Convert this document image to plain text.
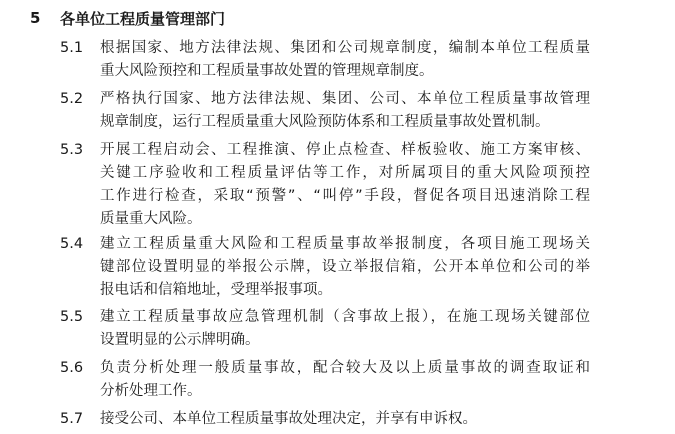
5	各单位工程质量管理部门
5.1	根据国家、地方法律法规、集团和公司规章制度，编制本单位工程质量
重大风险预控和工程质量事故处置的管理规章制度。
5.2	严格执行国家、地方法律法规、集团、公司、本单位工程质量事故管理
规章制度，运行工程质量重大风险预防体系和工程质量事故处置机制。
5.3	开展工程启动会、工程推演、停止点检查、样板验收、施工方案审核、
关键工序验收和工程质量评估等工作，对所属项目的重大风险项预控
工作进行检查，采取“预警”、“叫停”手段，督促各项目迅速消除工程
质量重大风险。
5.4	建立工程质量重大风险和工程质量事故举报制度，各项目施工现场关
键部位设置明显的举报公示牌，设立举报信箱，公开本单位和公司的举
报电话和信箱地址，受理举报事项。
5.5	建立工程质量事故应急管理机制（含事故上报），在施工现场关键部位
设置明显的公示牌明确。
5.6	负责分析处理一般质量事故，配合较大及以上质量事故的调查取证和
分析处理工作。
5.7	接受公司、本单位工程质量事故处理决定，并享有申诉权。
